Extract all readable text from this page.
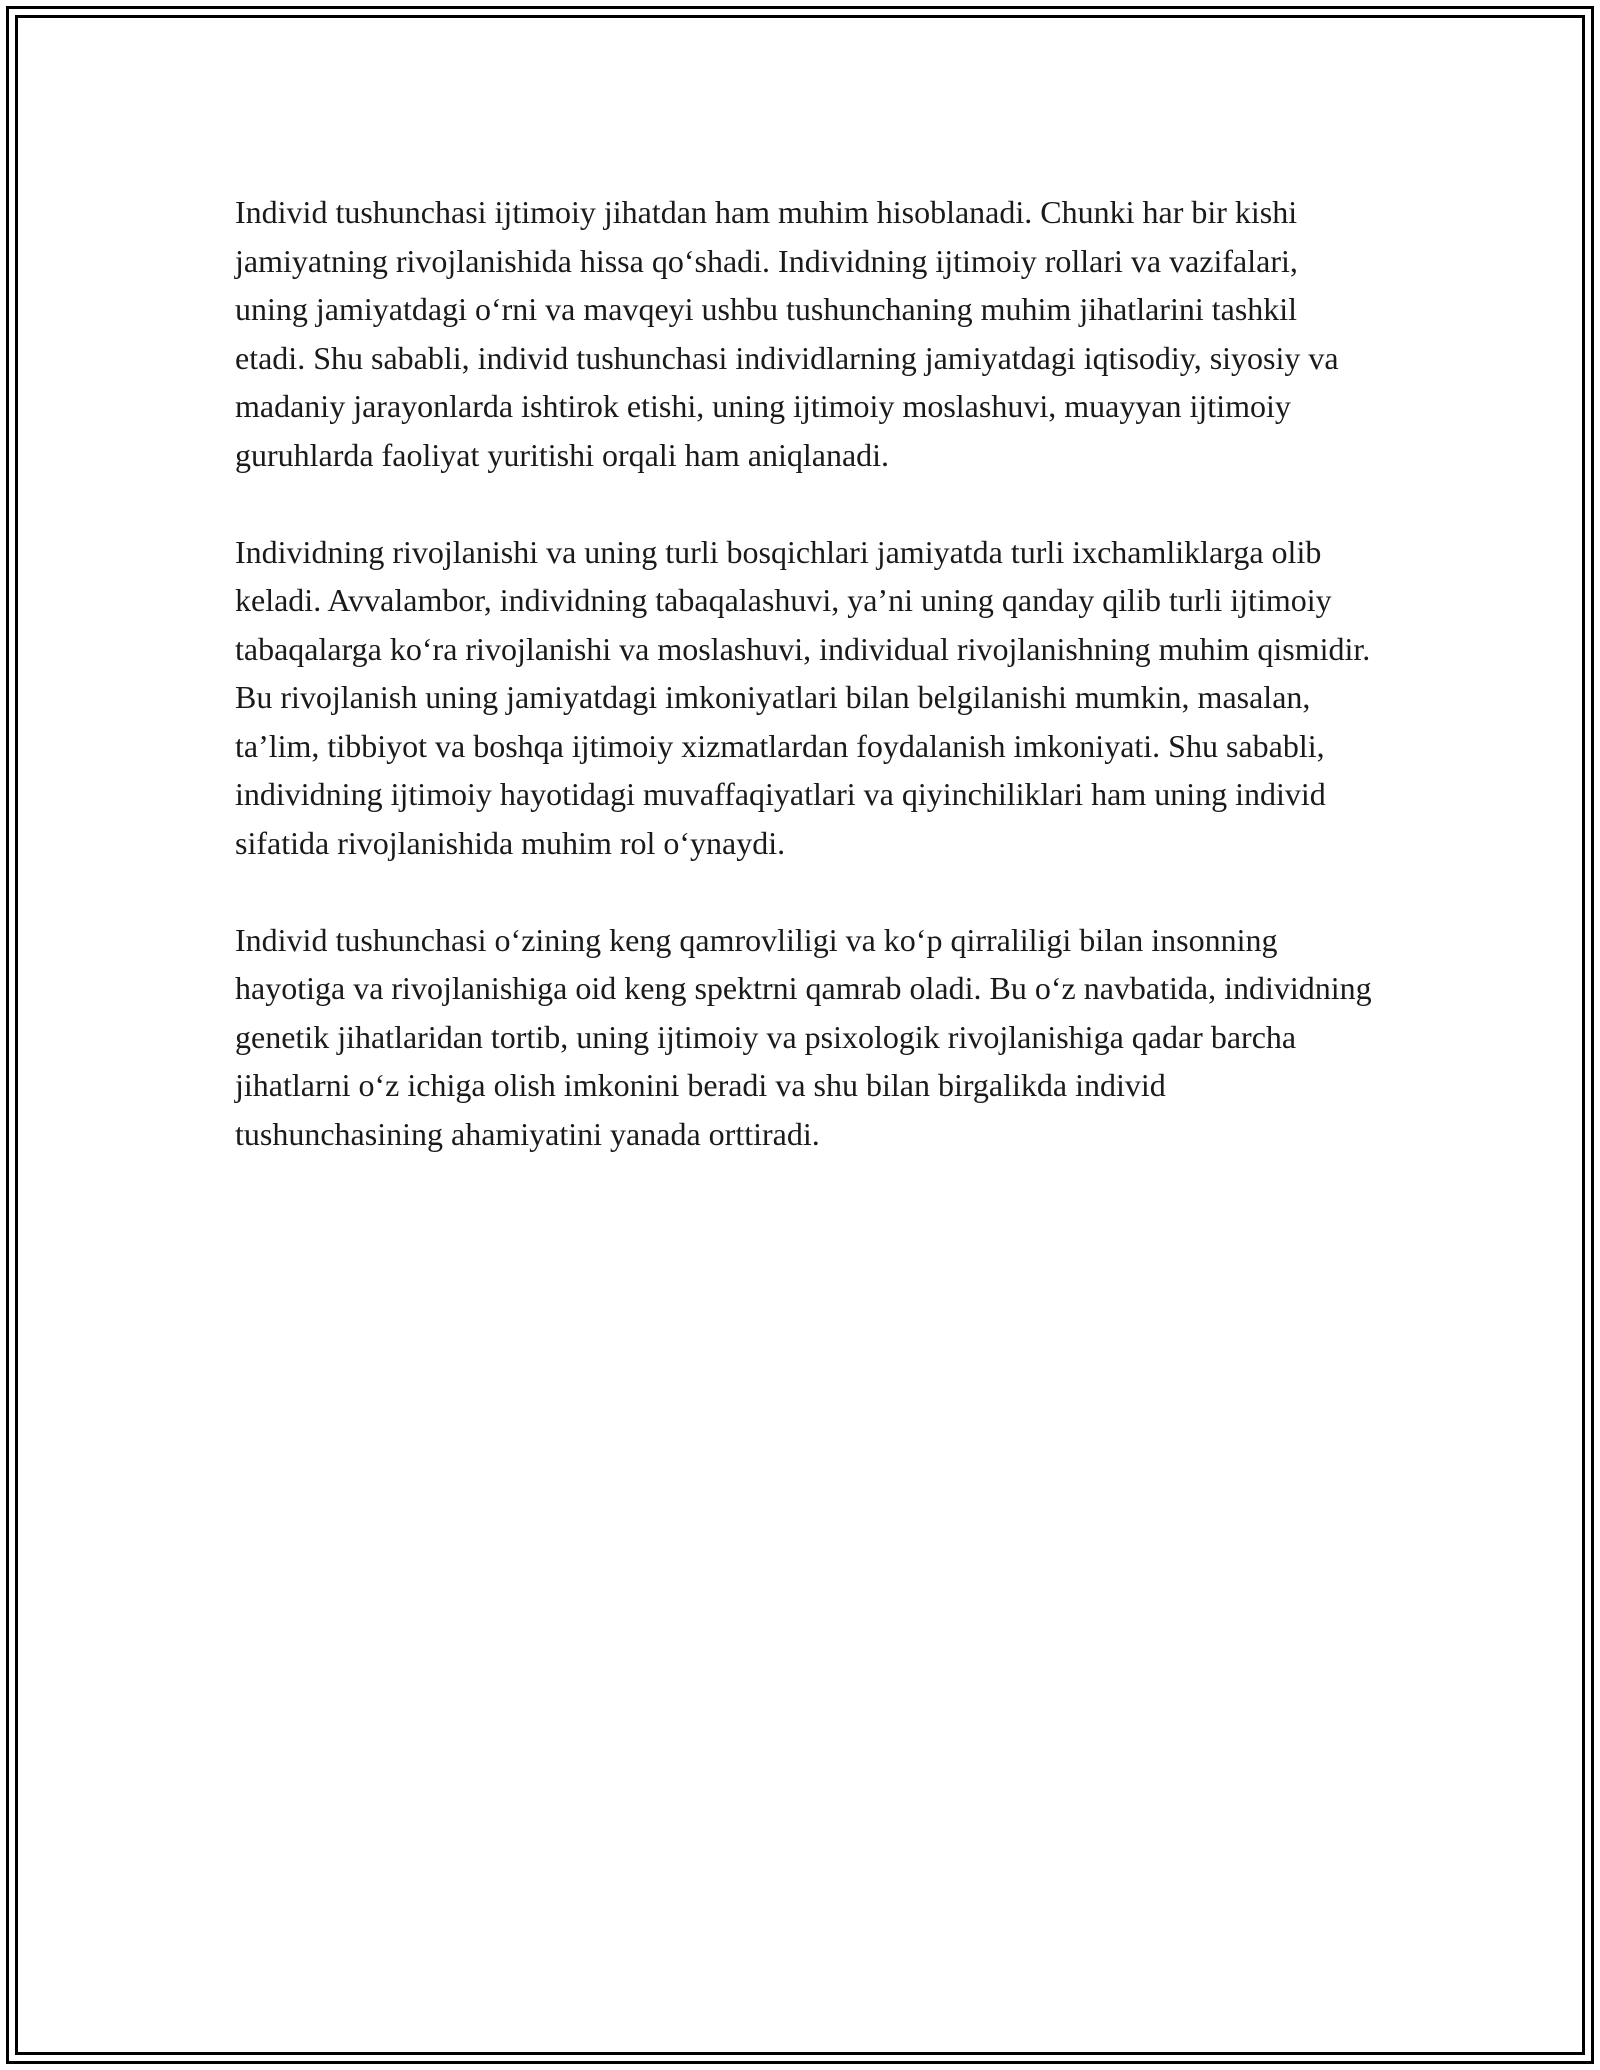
Individ tushunchasi ijtimoiy jihatdan ham muhim hisoblanadi. Chunki har bir kishi jamiyatning rivojlanishida hissa qo‘shadi. Individning ijtimoiy rollari va vazifalari, uning jamiyatdagi o‘rni va mavqeyi ushbu tushunchaning muhim jihatlarini tashkil etadi. Shu sababli, individ tushunchasi individlarning jamiyatdagi iqtisodiy, siyosiy va madaniy jarayonlarda ishtirok etishi, uning ijtimoiy moslashuvi, muayyan ijtimoiy guruhlarda faoliyat yuritishi orqali ham aniqlanadi.

Individning rivojlanishi va uning turli bosqichlari jamiyatda turli ixchamliklarga olib keladi. Avvalambor, individning tabaqalashuvi, ya’ni uning qanday qilib turli ijtimoiy tabaqalarga ko‘ra rivojlanishi va moslashuvi, individual rivojlanishning muhim qismidir. Bu rivojlanish uning jamiyatdagi imkoniyatlari bilan belgilanishi mumkin, masalan, ta’lim, tibbiyot va boshqa ijtimoiy xizmatlardan foydalanish imkoniyati. Shu sababli, individning ijtimoiy hayotidagi muvaffaqiyatlari va qiyinchiliklari ham uning individ sifatida rivojlanishida muhim rol o‘ynaydi.

Individ tushunchasi o‘zining keng qamrovliligi va ko‘p qirraliligi bilan insonning hayotiga va rivojlanishiga oid keng spektrni qamrab oladi. Bu o‘z navbatida, individning genetik jihatlaridan tortib, uning ijtimoiy va psixologik rivojlanishiga qadar barcha jihatlarni o‘z ichiga olish imkonini beradi va shu bilan birgalikda individ tushunchasining ahamiyatini yanada orttiradi.
